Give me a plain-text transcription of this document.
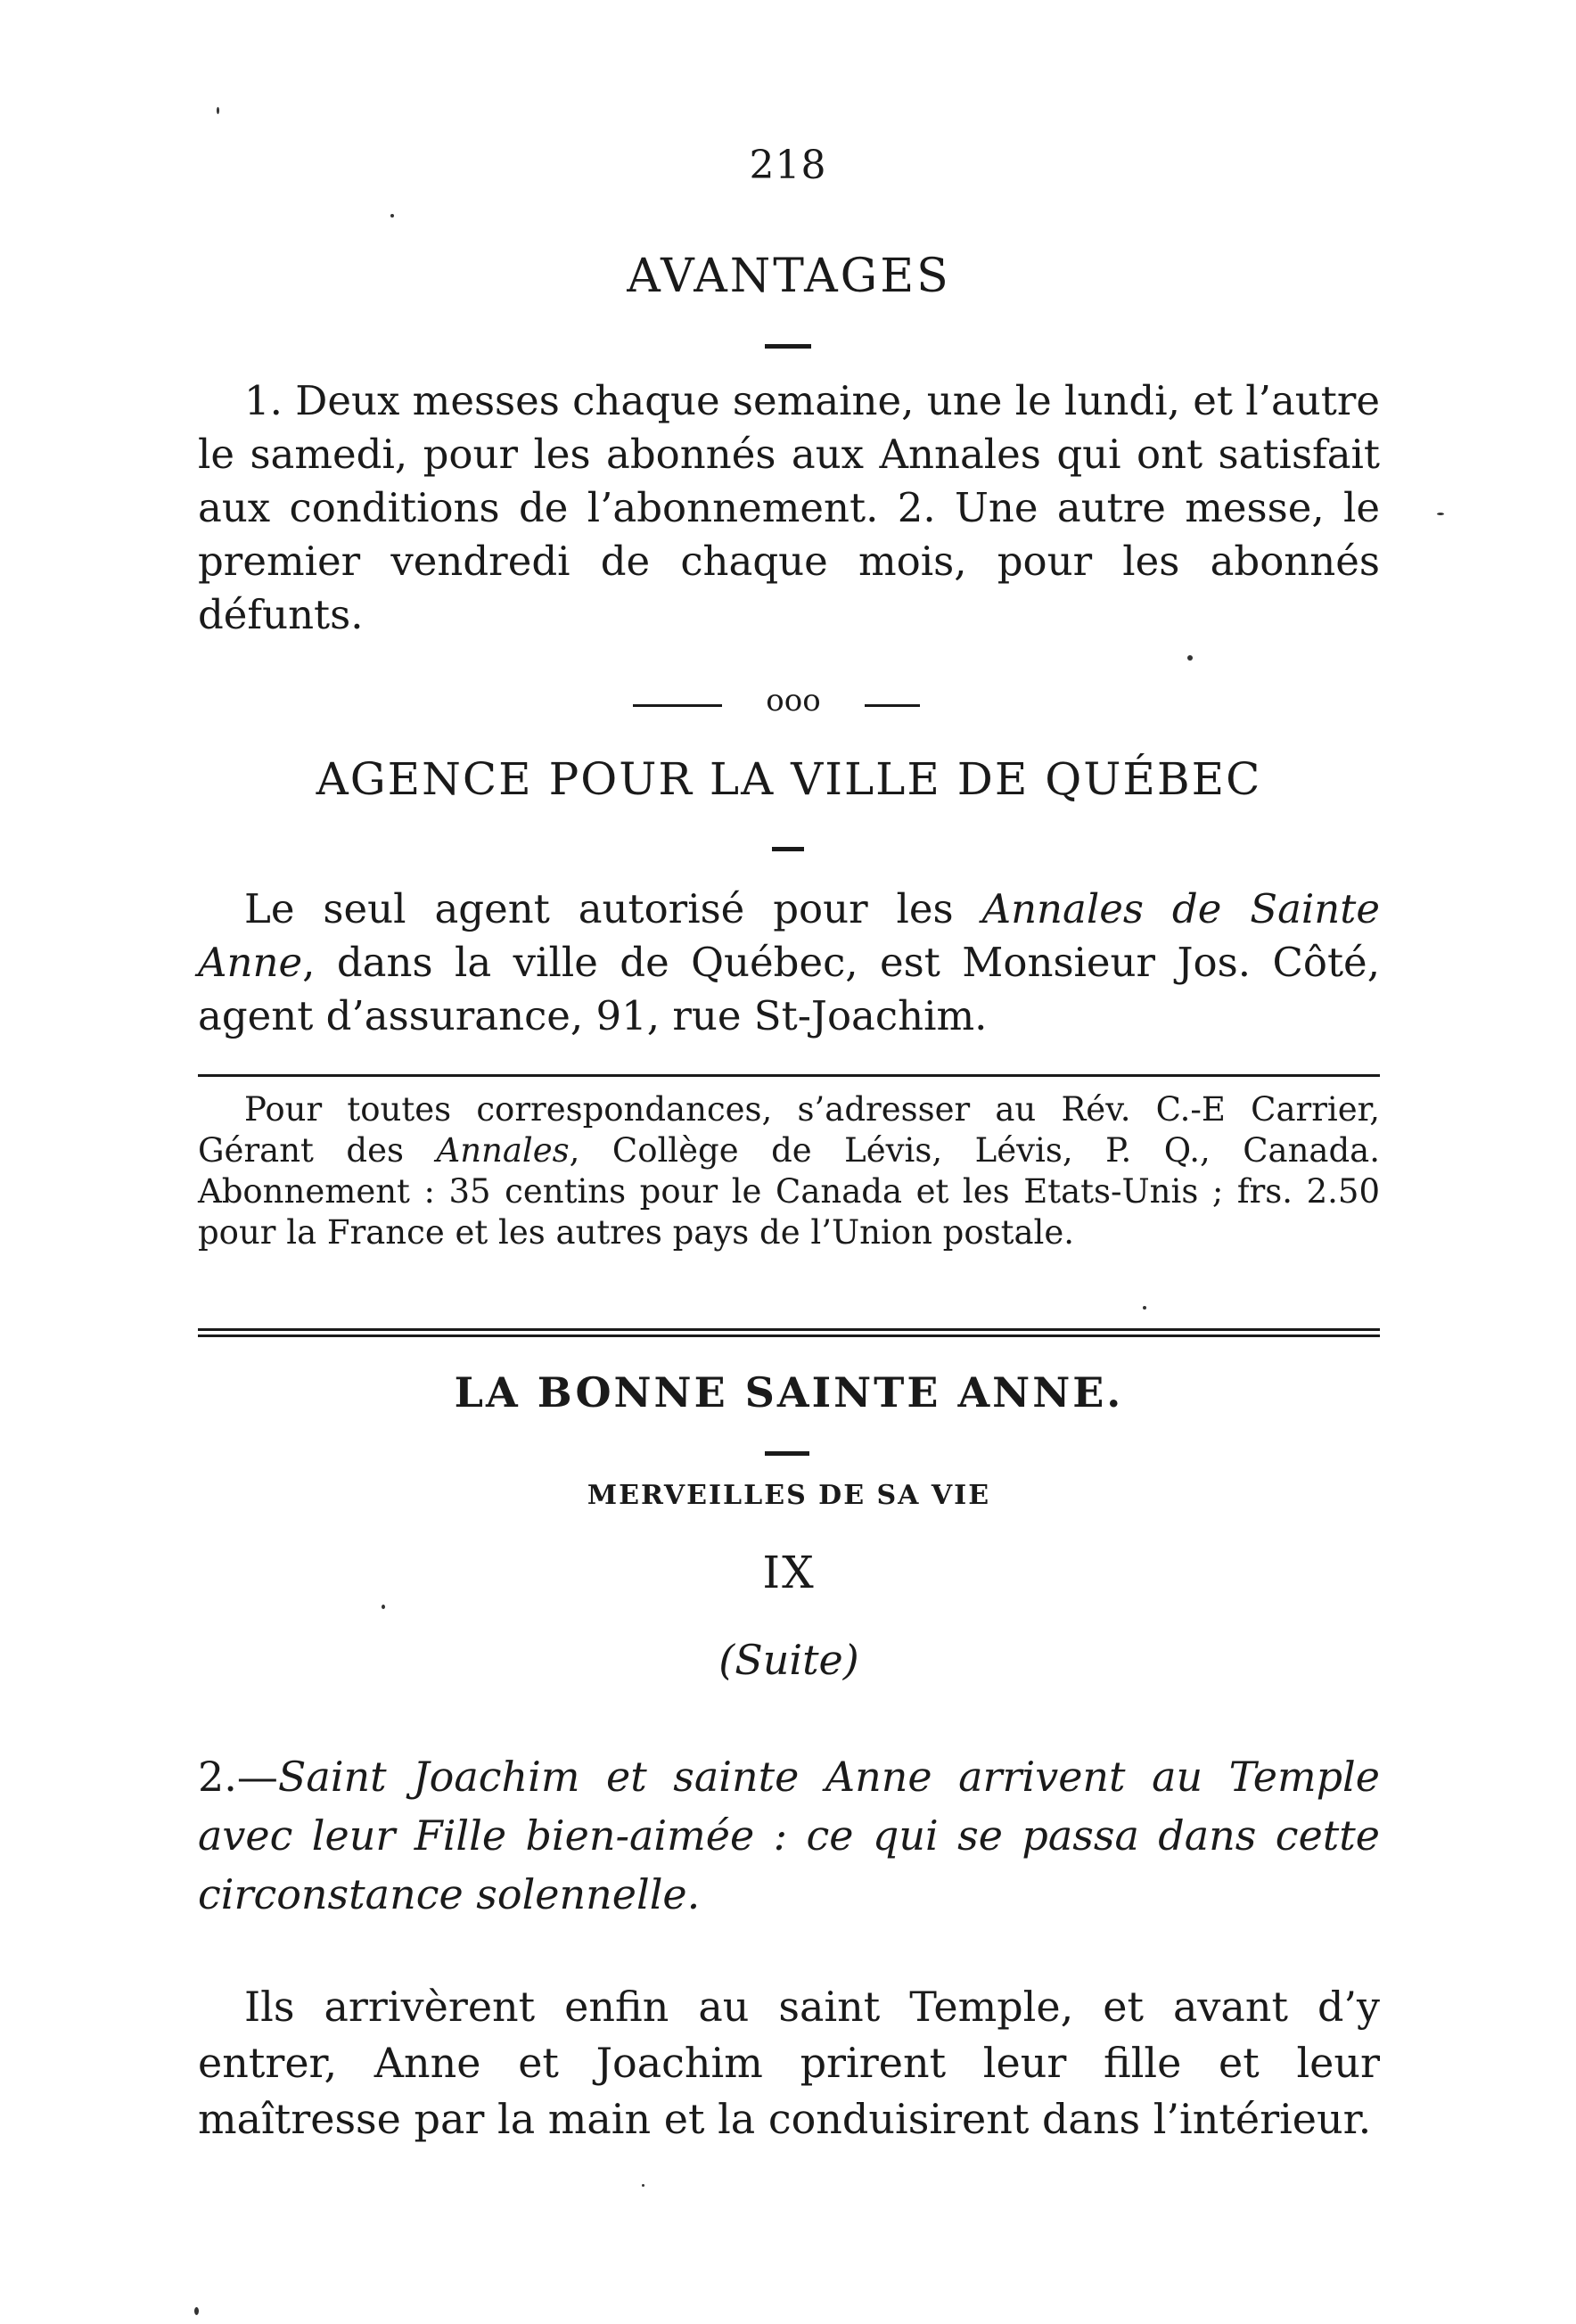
218
AVANTAGES
1. Deux messes chaque semaine, une le lundi, et l’autre le samedi, pour les abonnés aux Annales qui ont satisfait aux conditions de l’abonnement. 2. Une autre messe, le premier vendredi de chaque mois, pour les abonnés défunts.
ooo
AGENCE POUR LA VILLE DE QUÉBEC
Le seul agent autorisé pour les Annales de Sainte Anne, dans la ville de Québec, est Monsieur Jos. Côté, agent d’assurance, 91, rue St-Joachim.
Pour toutes correspondances, s’adresser au Rév. C.-E Carrier, Gérant des Annales, Collège de Lévis, Lévis, P. Q., Canada. Abonnement : 35 centins pour le Canada et les Etats-Unis ; frs. 2.50 pour la France et les autres pays de l’Union postale.
LA BONNE SAINTE ANNE.
MERVEILLES DE SA VIE
IX
(Suite)
2.—Saint Joachim et sainte Anne arrivent au Temple avec leur Fille bien-aimée : ce qui se passa dans cette circonstance solennelle.
Ils arrivèrent enfin au saint Temple, et avant d’y entrer, Anne et Joachim prirent leur fille et leur maîtresse par la main et la conduisirent dans l’intérieur.
